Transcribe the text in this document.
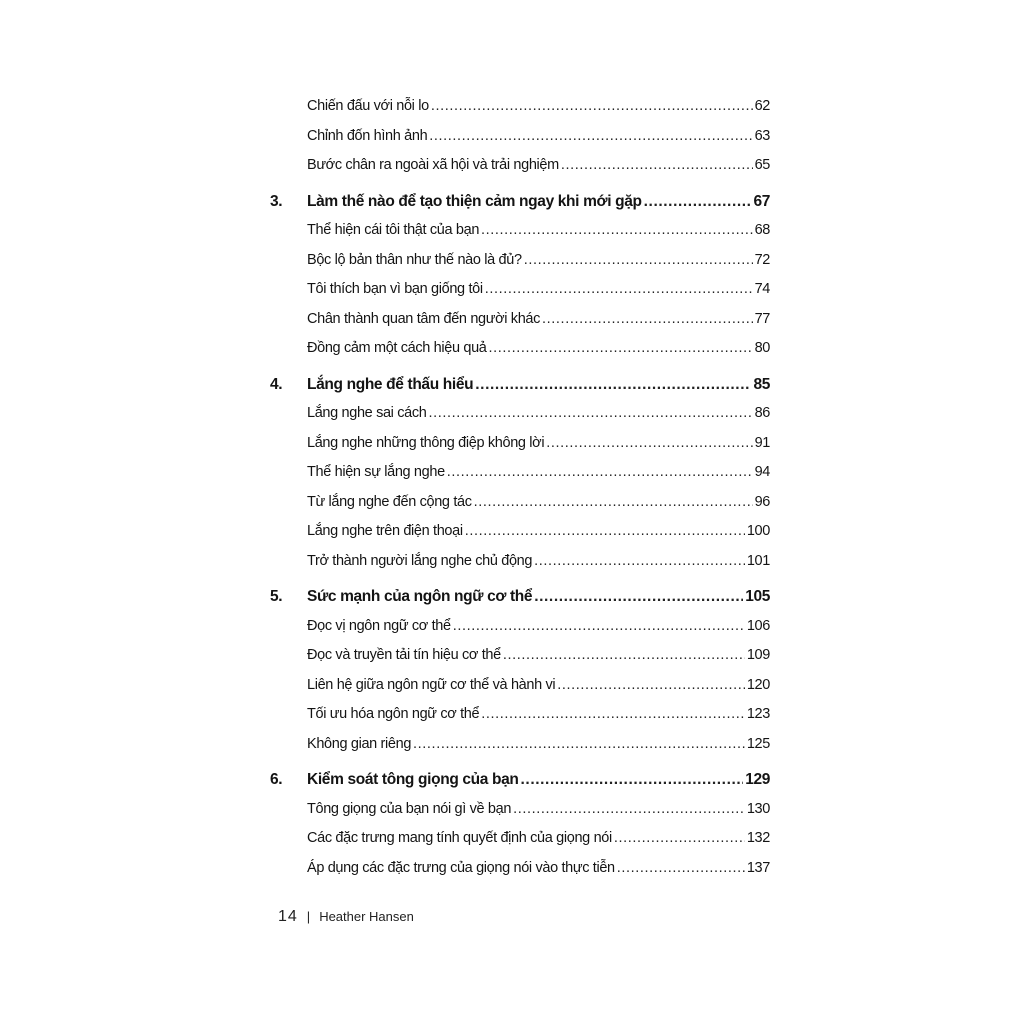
Chiến đấu với nỗi lo .....	62
Chỉnh đốn hình ảnh .....	63
Bước chân ra ngoài xã hội và trải nghiệm .....	65
3.	Làm thế nào để tạo thiện cảm ngay khi mới gặp .....	67
Thể hiện cái tôi thật của bạn .....	68
Bộc lộ bản thân như thế nào là đủ? .....	72
Tôi thích bạn vì bạn giống tôi .....	74
Chân thành quan tâm đến người khác .....	77
Đồng cảm một cách hiệu quả .....	80
4.	Lắng nghe để thấu hiểu .....	85
Lắng nghe sai cách .....	86
Lắng nghe những thông điệp không lời .....	91
Thể hiện sự lắng nghe .....	94
Từ lắng nghe đến cộng tác .....	96
Lắng nghe trên điện thoại .....	100
Trở thành người lắng nghe chủ động .....	101
5.	Sức mạnh của ngôn ngữ cơ thể .....	105
Đọc vị ngôn ngữ cơ thể .....	106
Đọc và truyền tải tín hiệu cơ thể .....	109
Liên hệ giữa ngôn ngữ cơ thể và hành vi .....	120
Tối ưu hóa ngôn ngữ cơ thể .....	123
Không gian riêng .....	125
6.	Kiểm soát tông giọng của bạn .....	129
Tông giọng của bạn nói gì về bạn .....	130
Các đặc trưng mang tính quyết định của giọng nói .....	132
Áp dụng các đặc trưng của giọng nói vào thực tiễn .....	137
14 | Heather Hansen
